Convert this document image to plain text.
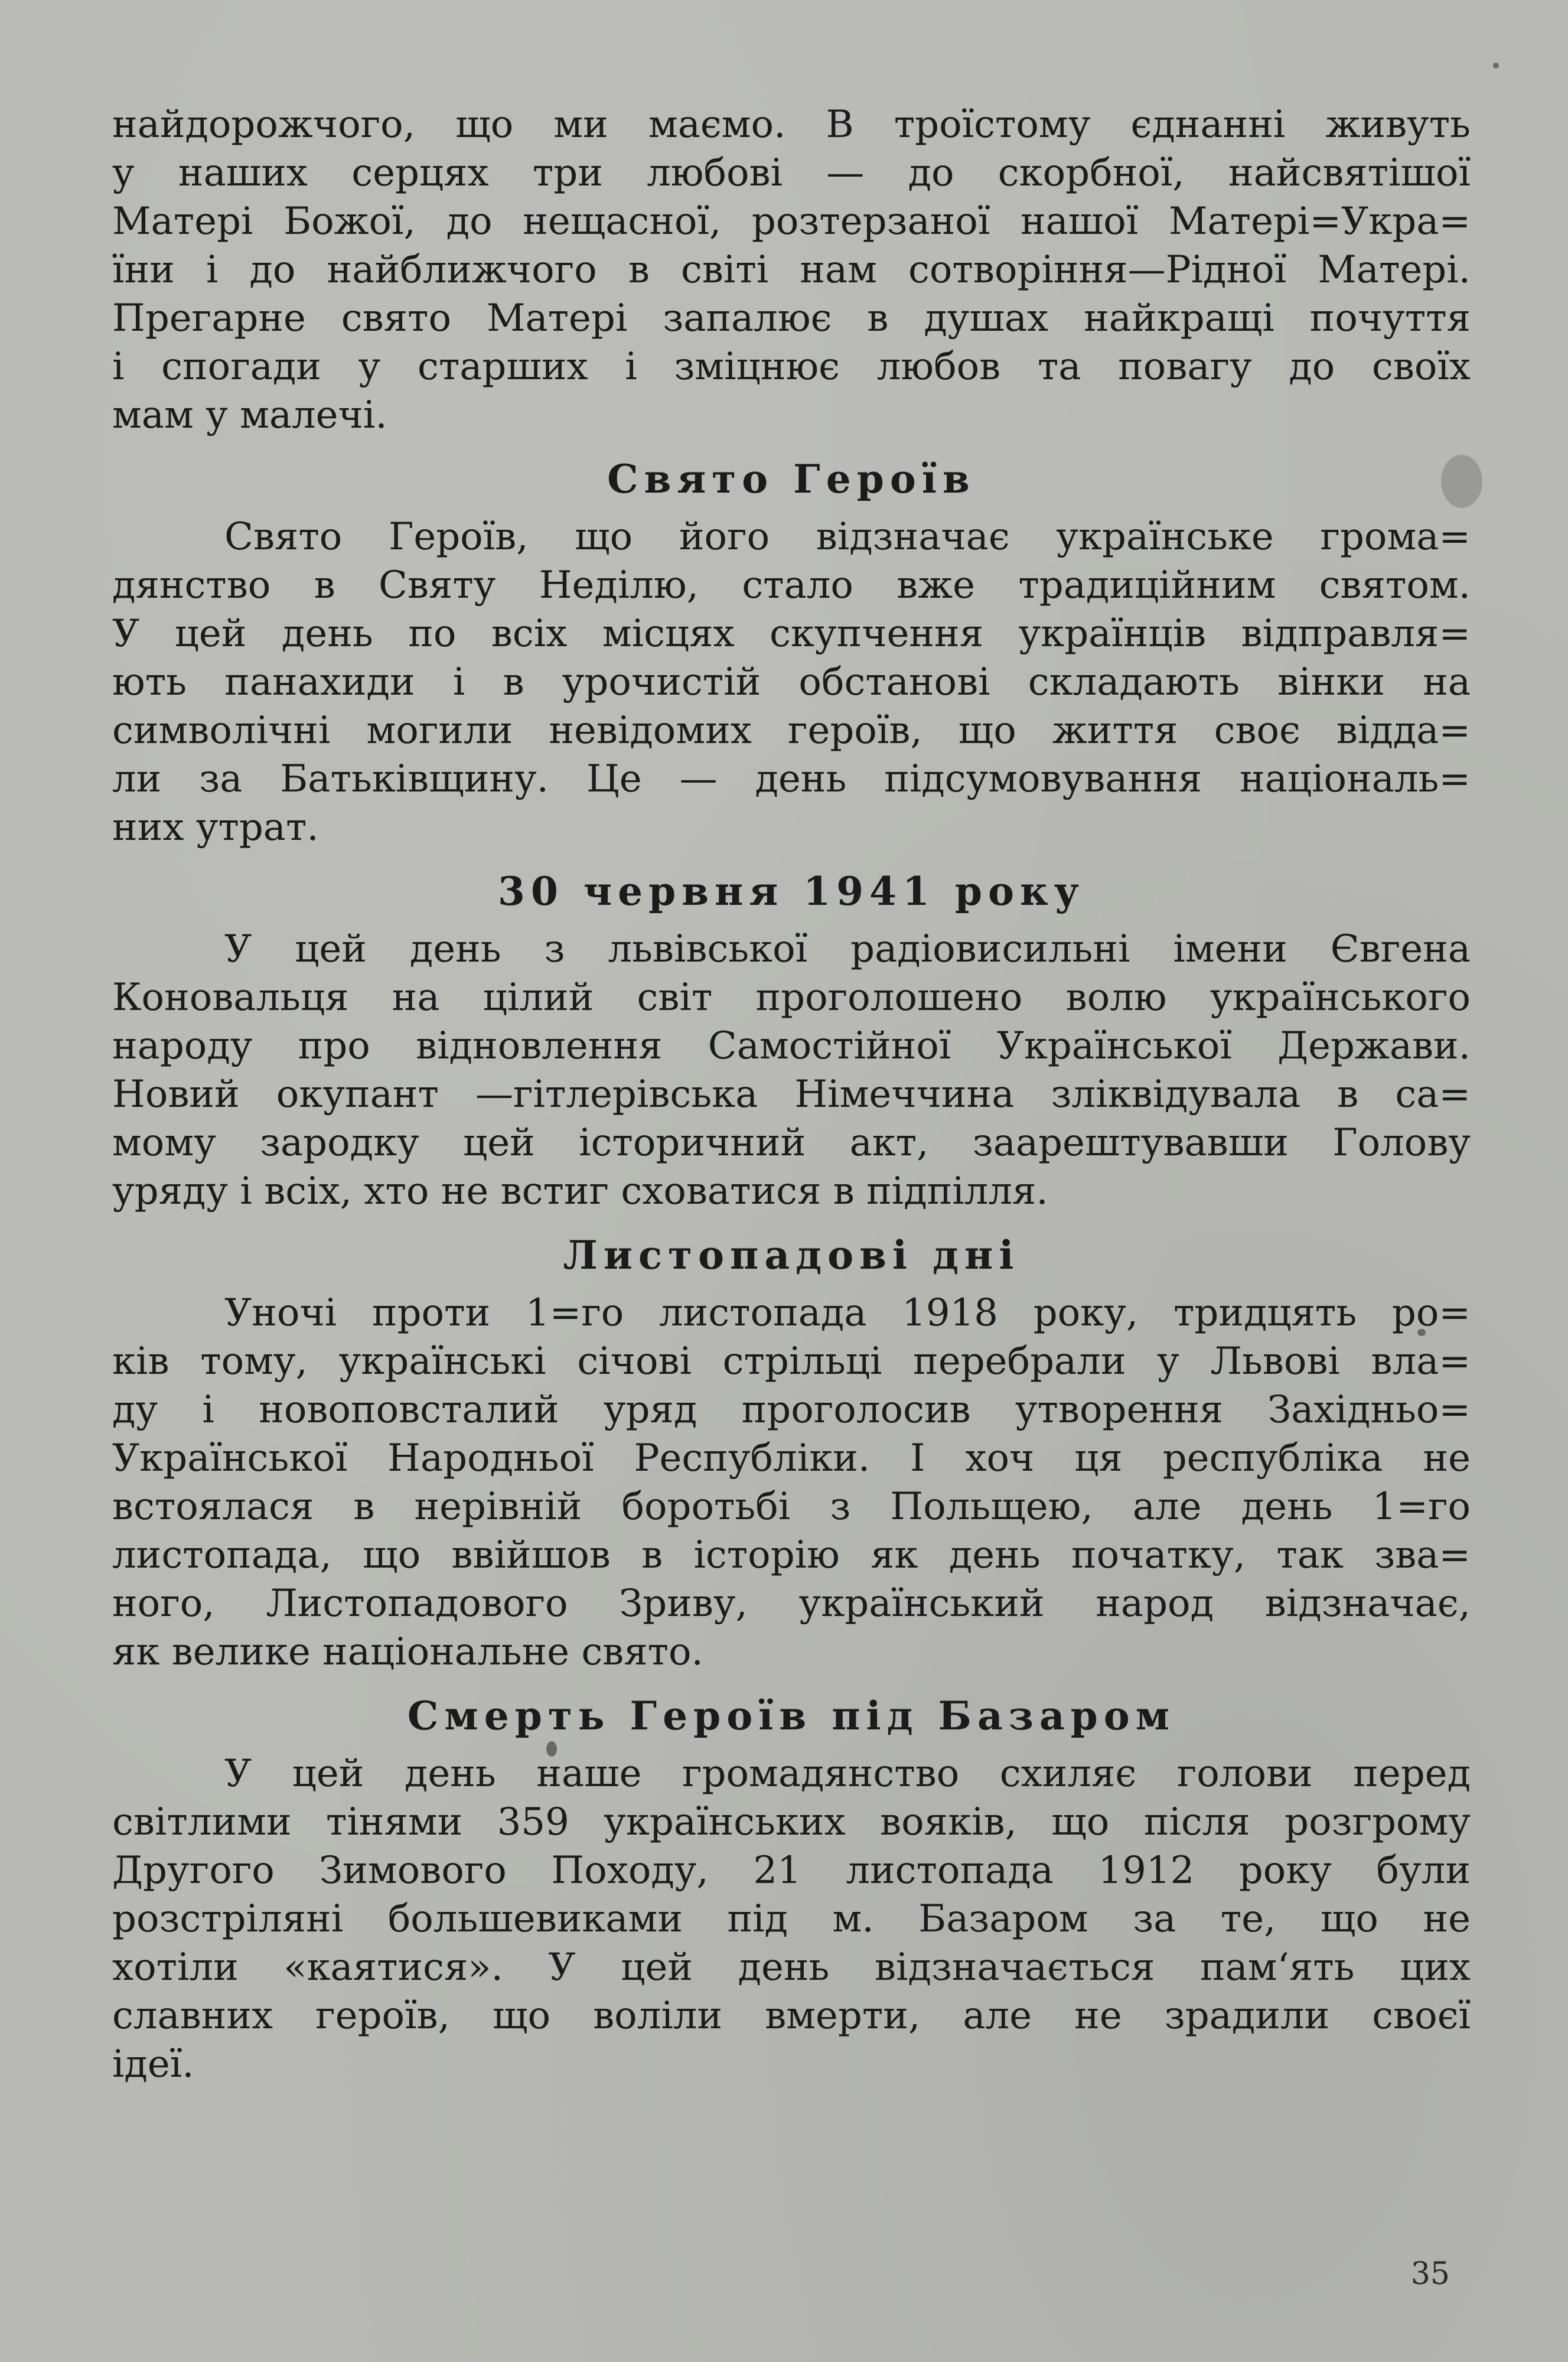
найдорожчого, що ми маємо. В троїстому єднанні живуть
у наших серцях три любові — до скорбної, найсвятішої
Матері Божої, до нещасної, розтерзаної нашої Матері=Укра=
їни і до найближчого в світі нам сотворіння—Рідної Матері.
Прегарне свято Матері запалює в душах найкращі почуття
і спогади у старших і зміцнює любов та повагу до своїх
мам у малечі.
Свято Героїв
Свято Героїв, що його відзначає українське грома=
дянство в Святу Неділю, стало вже традиційним святом.
У цей день по всіх місцях скупчення українців відправля=
ють панахиди і в урочистій обстанові складають вінки на
символічні могили невідомих героїв, що життя своє відда=
ли за Батьківщину. Це — день підсумовування національ=
них утрат.
30 червня 1941 року
У цей день з львівської радіовисильні імени Євгена
Коновальця на цілий світ проголошено волю українського
народу про відновлення Самостійної Української Держави.
Новий окупант —гітлерівська Німеччина зліквідувала в са=
мому зародку цей історичний акт, заарештувавши Голову
уряду і всіх, хто не встиг сховатися в підпілля.
Листопадові дні
Уночі проти 1=го листопада 1918 року, тридцять ро=
ків тому, українські січові стрільці перебрали у Львові вла=
ду і новоповсталий уряд проголосив утворення Західньо=
Української Народньої Республіки. І хоч ця республіка не
встоялася в нерівній боротьбі з Польщею, але день 1=го
листопада, що ввійшов в історію як день початку, так зва=
ного, Листопадового Зриву, український народ відзначає,
як велике національне свято.
Смерть Героїв під Базаром
У цей день наше громадянство схиляє голови перед
світлими тінями 359 українських вояків, що після розгрому
Другого Зимового Походу, 21 листопада 1912 року були
розстріляні большевиками під м. Базаром за те, що не
хотіли «каятися». У цей день відзначається пам‘ять цих
славних героїв, що воліли вмерти, але не зрадили своєї
ідеї.
35
